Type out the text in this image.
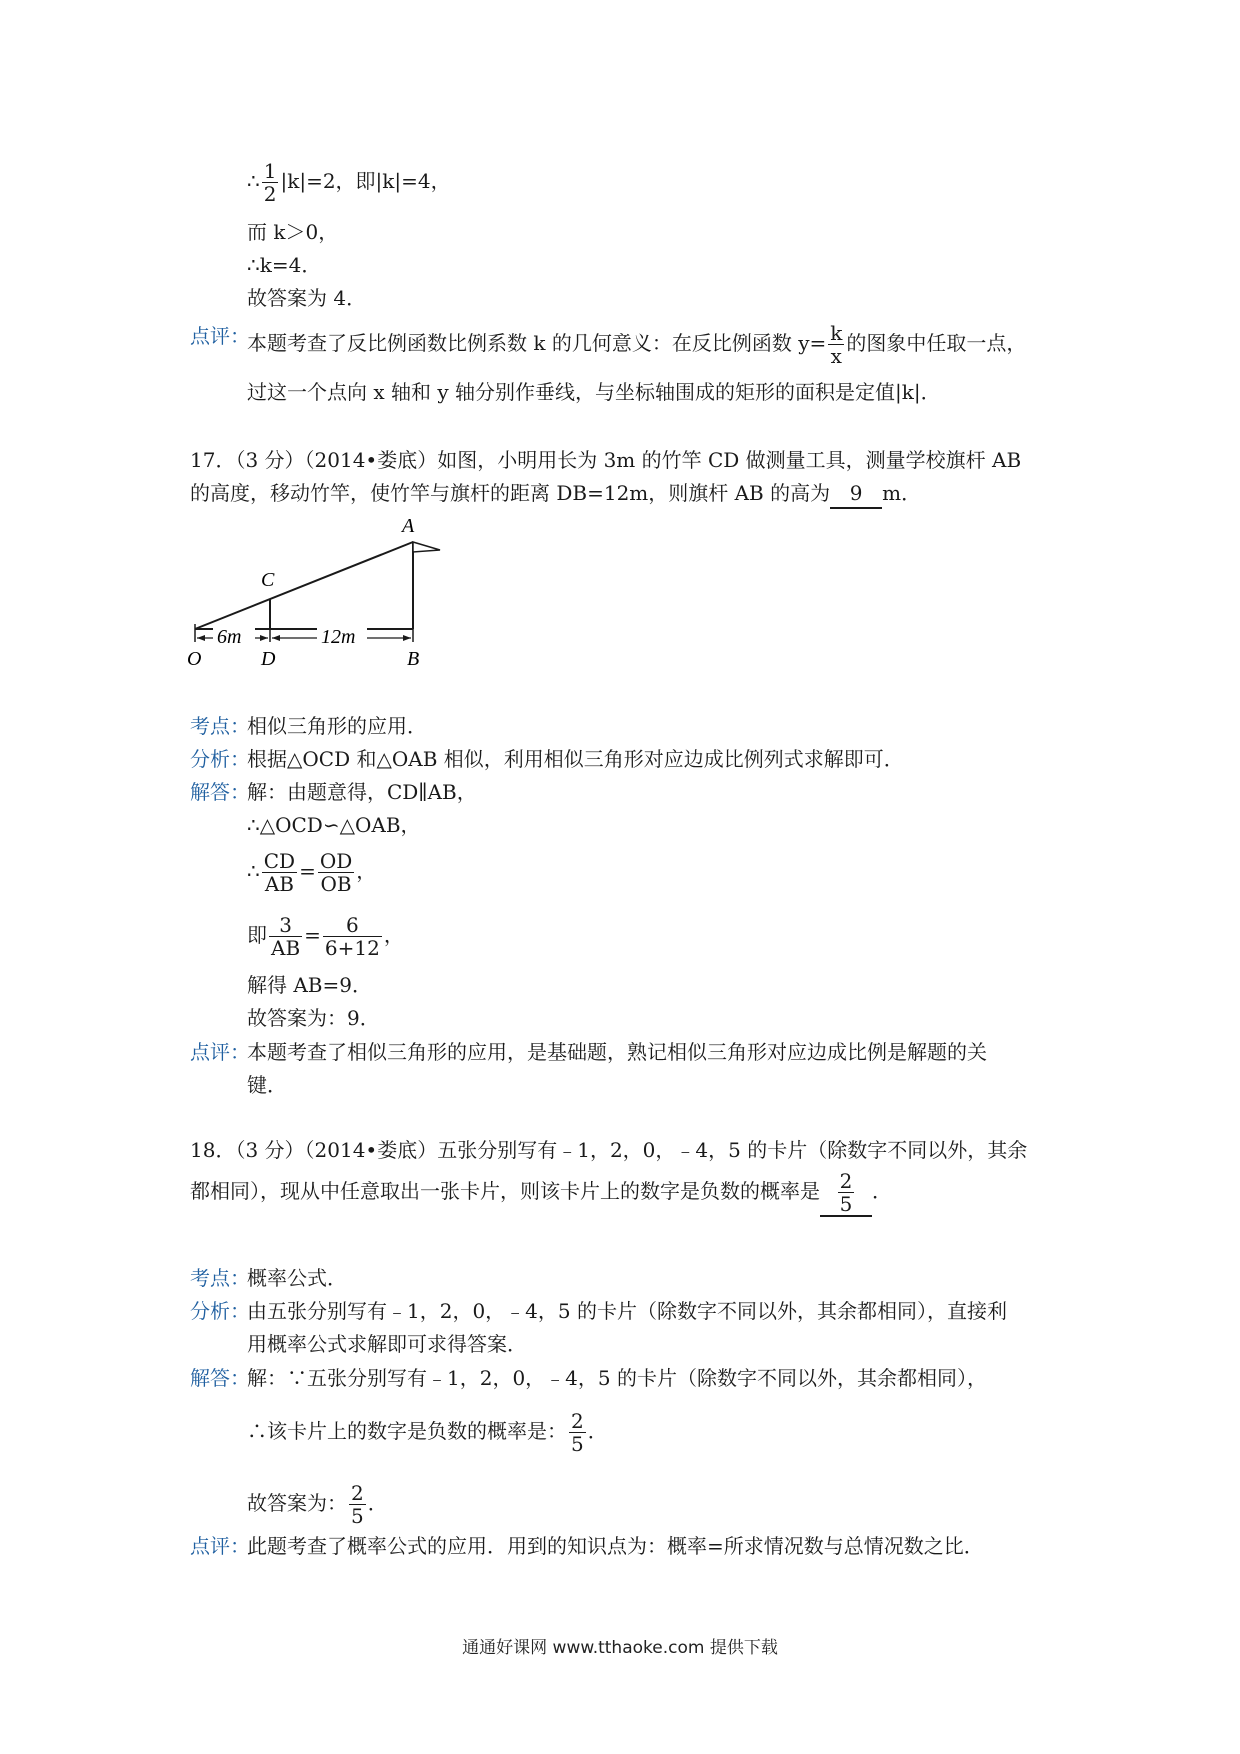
∴ $\frac{1}{2} |k|=2$，即|k|=4，
而 k＞0，
∴k=4．
故答案为 4．
点评：
本题考查了反比例函数比例系数 k 的几何意义：在反比例函数 $y= \frac{k}{x}$ 的图象中任取一点，
过这一个点向 x 轴和 y 轴分别作垂线，与坐标轴围成的矩形的面积是定值|k|．
17．（3 分）（2014•娄底）如图，小明用长为 3m 的竹竿 CD 做测量工具，测量学校旗杆 AB
的高度，移动竹竿，使竹竿与旗杆的距离 DB=12m，则旗杆 AB 的高为 9 m．
6m	12m
A
C
O	D	B
考点：
相似三角形的应用．
分析：
根据△OCD 和△OAB 相似，利用相似三角形对应边成比例列式求解即可．
解答：
解：由题意得，CD∥AB，
∴△OCD∽△OAB，
∴ $\frac{CD}{AB} = \frac{OD}{OB}$ ，
即 $\frac{3}{AB} = \frac{6}{6+12}$ ，
解得 AB=9．
故答案为：9．
点评：
本题考查了相似三角形的应用，是基础题，熟记相似三角形对应边成比例是解题的关
键．
18．（3 分）（2014•娄底）五张分别写有﹣1，2，0，﹣4，5 的卡片（除数字不同以外，其余
都相同），现从中任意取出一张卡片，则该卡片上的数字是负数的概率是 $\frac{2}{5}$ ．
考点：
概率公式．
分析：
由五张分别写有﹣1，2，0，﹣4，5 的卡片（除数字不同以外，其余都相同），直接利
用概率公式求解即可求得答案．
解答：
解：∵五张分别写有﹣1，2，0，﹣4，5 的卡片（除数字不同以外，其余都相同），
∴该卡片上的数字是负数的概率是： $\frac{2}{5}$ ．
故答案为： $\frac{2}{5}$ ．
点评：
此题考查了概率公式的应用．用到的知识点为：概率=所求情况数与总情况数之比．
通通好课网 www.tthaoke.com 提供下载
